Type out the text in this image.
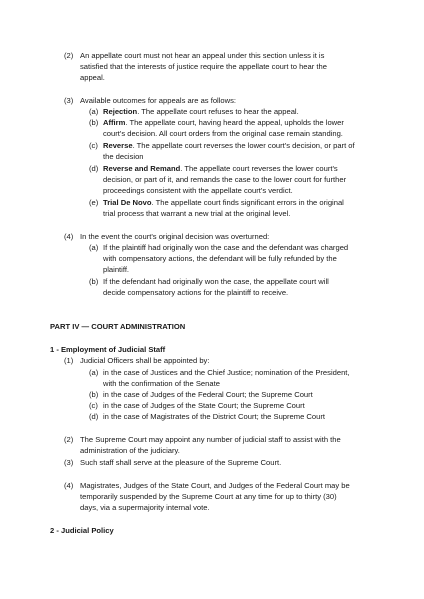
(2) An appellate court must not hear an appeal under this section unless it is
satisfied that the interests of justice require the appellate court to hear the
appeal.
(3) Available outcomes for appeals are as follows:
(a) Rejection. The appellate court refuses to hear the appeal.
(b) Affirm. The appellate court, having heard the appeal, upholds the lower
court's decision. All court orders from the original case remain standing.
(c) Reverse. The appellate court reverses the lower court's decision, or part of
the decision
(d) Reverse and Remand. The appellate court reverses the lower court's
decision, or part of it, and remands the case to the lower court for further
proceedings consistent with the appellate court's verdict.
(e) Trial De Novo. The appellate court finds significant errors in the original
trial process that warrant a new trial at the original level.
(4) In the event the court's original decision was overturned:
(a) If the plaintiff had originally won the case and the defendant was charged
with compensatory actions, the defendant will be fully refunded by the
plaintiff.
(b) If the defendant had originally won the case, the appellate court will
decide compensatory actions for the plaintiff to receive.
PART IV — COURT ADMINISTRATION
1 - Employment of Judicial Staff
(1) Judicial Officers shall be appointed by:
(a) in the case of Justices and the Chief Justice; nomination of the President,
with the confirmation of the Senate
(b) in the case of Judges of the Federal Court; the Supreme Court
(c) in the case of Judges of the State Court; the Supreme Court
(d) in the case of Magistrates of the District Court; the Supreme Court
(2) The Supreme Court may appoint any number of judicial staff to assist with the
administration of the judiciary.
(3) Such staff shall serve at the pleasure of the Supreme Court.
(4) Magistrates, Judges of the State Court, and Judges of the Federal Court may be
temporarily suspended by the Supreme Court at any time for up to thirty (30)
days, via a supermajority internal vote.
2 - Judicial Policy
